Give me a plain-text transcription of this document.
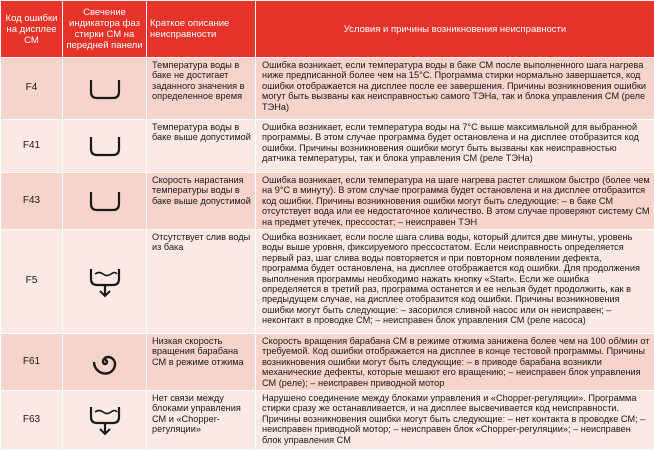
Код ошибки на дисплее СМ	Свечение индикатора фаз стирки СМ на передней панели	Краткое описание неисправности	Условия и причины возникновения неисправности
F4		Температура воды в баке не достигает заданного значения в определенное время	Ошибка возникает, если температура воды в баке СМ после выполненного шага нагрева ниже предписанной более чем на 15°С. Программа стирки нормально завершается, код ошибки отображается на дисплее после ее завершения. Причины возникновения ошибки могут быть вызваны как неисправностью самого ТЭНа, так и блока управления СМ (реле ТЭНа)
F41		Температура воды в баке выше допустимой	Ошибка возникает, если температура воды на 7°С выше максимальной для выбранной программы. В этом случае программа будет остановлена и на дисплее отобразится код ошибки. Причины возникновения ошибки могут быть вызваны как неисправностью датчика температуры, так и блока управления СМ (реле ТЭНа)
F43		Скорость нарастания температуры воды в баке выше допустимой	Ошибка возникает, если температура на шаге нагрева растет слишком быстро (более чем на 9°С в минуту). В этом случае программа будет остановлена и на дисплее отобразится код ошибки. Причины возникновения ошибки могут быть следующие: – в баке СМ отсутствует вода или ее недостаточное количество. В этом случае проверяют систему СМ на предмет утечек, прессостат; – неисправен ТЭН
F5		Отсутствует слив воды из бака	Ошибка возникает, если после шага слива воды, который длится две минуты, уровень воды выше уровня, фиксируемого прессостатом. Если неисправность определяется первый раз, шаг слива воды повторяется и при повторном появлении дефекта, программа будет остановлена, на дисплее отображается код ошибки. Для продолжения выполнения программы необходимо нажать кнопку «Start». Если же ошибка определяется в третий раз, программа останется и ее нельзя будет продолжить, как в предыдущем случае, на дисплее отобразится код ошибки. Причины возникновения ошибки могут быть следующие: – засорился сливной насос или он неисправен; – неконтакт в проводке СМ; – неисправен блок управления СМ (реле насоса)
F61		Низкая скорость вращения барабана СМ в режиме отжима	Скорость вращения барабана СМ в режиме отжима занижена более чем на 100 об/мин от требуемой. Код ошибки отображается на дисплее в конце тестовой программы. Причины возникновения ошибки могут быть следующие: – в приводе барабана возникли механические дефекты, которые мешают его вращению; – неисправен блок управления СМ (реле); – неисправен приводной мотор
F63		Нет связи между блоками управления СМ и «Chopper-регуляции»	Нарушено соединение между блоками управления и «Chopper-регуляции». Программа стирки сразу же останавливается, и на дисплее высвечивается код неисправности. Причины возникновения ошибки могут быть следующие: – нет контакта в проводке СМ; – неисправен приводной мотор; – неисправен блок «Chopper-регуляции»; – неисправен блок управления СМ
